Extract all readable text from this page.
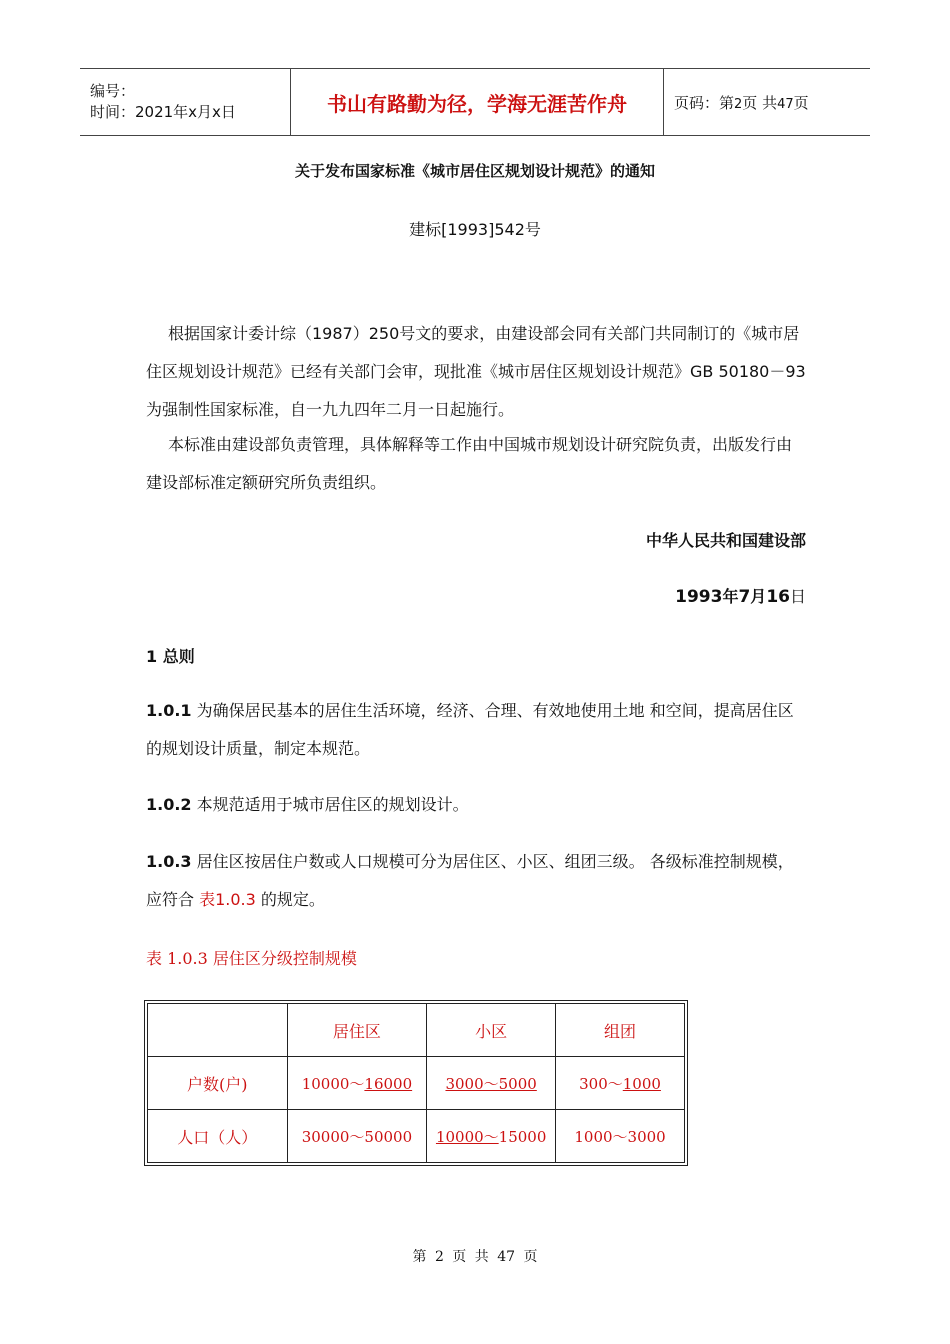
编号：
时间：2021年x月x日	书山有路勤为径，学海无涯苦作舟	页码：第2页 共47页
关于发布国家标准《城市居住区规划设计规范》的通知
建标[1993]542号
根据国家计委计综（1987）250号文的要求，由建设部会同有关部门共同制订的《城市居住区规划设计规范》已经有关部门会审，现批准《城市居住区规划设计规范》GB 50180－93为强制性国家标准，自一九九四年二月一日起施行。
本标准由建设部负责管理，具体解释等工作由中国城市规划设计研究院负责，出版发行由建设部标准定额研究所负责组织。
中华人民共和国建设部
1993年7月16日
1 总则
1.0.1 为确保居民基本的居住生活环境，经济、合理、有效地使用土地 和空间，提高居住区的规划设计质量，制定本规范。
1.0.2 本规范适用于城市居住区的规划设计。
1.0.3 居住区按居住户数或人口规模可分为居住区、小区、组团三级。 各级标准控制规模，应符合 表1.0.3 的规定。
表 1.0.3 居住区分级控制规模
	居住区	小区	组团
户数(户)	10000～16000	3000～5000	300～1000
人口（人）	30000～50000	10000～15000	1000～3000
第 2 页 共 47 页
